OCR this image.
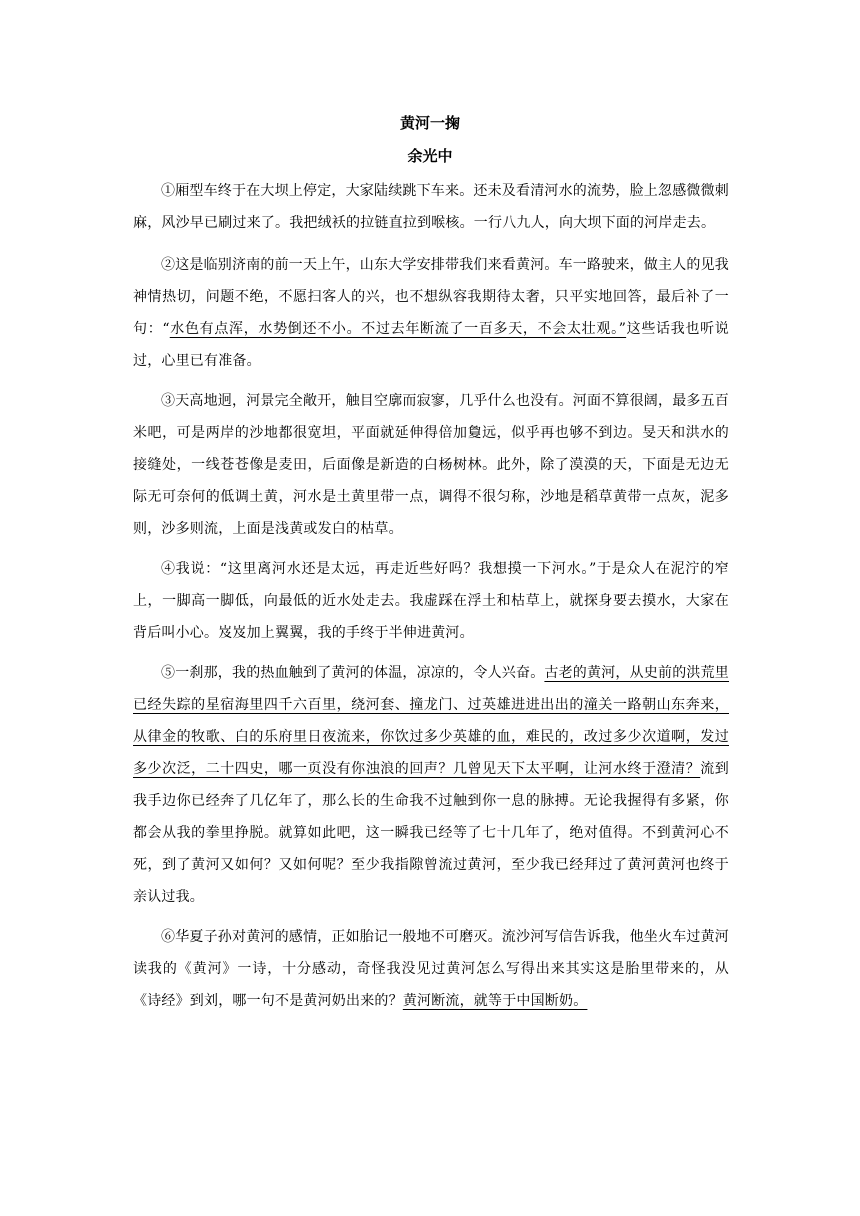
黄河一掬
余光中

①厢型车终于在大坝上停定，大家陆续跳下车来。还未及看清河水的流势，脸上忽感微微刺麻，风沙早已刷过来了。我把绒袄的拉链直拉到喉核。一行八九人，向大坝下面的河岸走去。

②这是临别济南的前一天上午，山东大学安排带我们来看黄河。车一路驶来，做主人的见我神情热切，问题不绝，不愿扫客人的兴，也不想纵容我期待太奢，只平实地回答，最后补了一句：“水色有点浑，水势倒还不小。不过去年断流了一百多天，不会太壮观。”这些话我也听说过，心里已有准备。

③天高地迥，河景完全敞开，触目空廓而寂寥，几乎什么也没有。河面不算很阔，最多五百米吧，可是两岸的沙地都很宽坦，平面就延伸得倍加敻远，似乎再也够不到边。旻天和洪水的接缝处，一线苍苍像是麦田，后面像是新造的白杨树林。此外，除了漠漠的天，下面是无边无际无可奈何的低调土黄，河水是土黄里带一点，调得不很匀称，沙地是稻草黄带一点灰，泥多则，沙多则流，上面是浅黄或发白的枯草。

④我说：“这里离河水还是太远，再走近些好吗？我想摸一下河水。”于是众人在泥泞的窄上，一脚高一脚低，向最低的近水处走去。我虚踩在浮土和枯草上，就探身要去摸水，大家在背后叫小心。岌岌加上翼翼，我的手终于半伸进黄河。

⑤一刹那，我的热血触到了黄河的体温，凉凉的，令人兴奋。古老的黄河，从史前的洪荒里已经失踪的星宿海里四千六百里，绕河套、撞龙门、过英雄进进出出的潼关一路朝山东奔来，从律金的牧歌、白的乐府里日夜流来，你饮过多少英雄的血，难民的，改过多少次道啊，发过多少次泛，二十四史，哪一页没有你浊浪的回声？几曾见天下太平啊，让河水终于澄清？流到我手边你已经奔了几亿年了，那么长的生命我不过触到你一息的脉搏。无论我握得有多紧，你都会从我的拳里挣脱。就算如此吧，这一瞬我已经等了七十几年了，绝对值得。不到黄河心不死，到了黄河又如何？又如何呢？至少我指隙曾流过黄河，至少我已经拜过了黄河黄河也终于亲认过我。

⑥华夏子孙对黄河的感情，正如胎记一般地不可磨灭。流沙河写信告诉我，他坐火车过黄河读我的《黄河》一诗，十分感动，奇怪我没见过黄河怎么写得出来其实这是胎里带来的，从《诗经》到刘，哪一句不是黄河奶出来的？黄河断流，就等于中国断奶。
